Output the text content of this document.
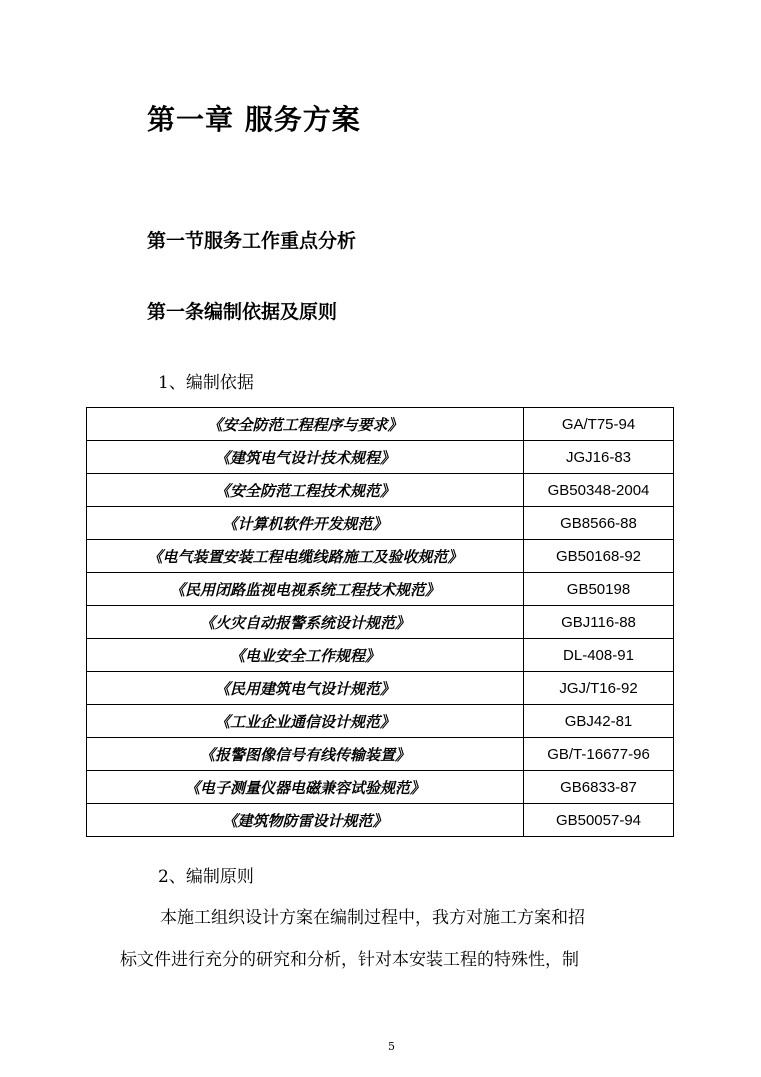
第一章 服务方案
第一节服务工作重点分析
第一条编制依据及原则
1、编制依据
《安全防范工程程序与要求》	GA/T75-94
《建筑电气设计技术规程》	JGJ16-83
《安全防范工程技术规范》	GB50348-2004
《计算机软件开发规范》	GB8566-88
《电气装置安装工程电缆线路施工及验收规范》	GB50168-92
《民用闭路监视电视系统工程技术规范》	GB50198
《火灾自动报警系统设计规范》	GBJ116-88
《电业安全工作规程》	DL-408-91
《民用建筑电气设计规范》	JGJ/T16-92
《工业企业通信设计规范》	GBJ42-81
《报警图像信号有线传输装置》	GB/T-16677-96
《电子测量仪器电磁兼容试验规范》	GB6833-87
《建筑物防雷设计规范》	GB50057-94
2、编制原则
本施工组织设计方案在编制过程中，我方对施工方案和招
标文件进行充分的研究和分析，针对本安装工程的特殊性，制
5
